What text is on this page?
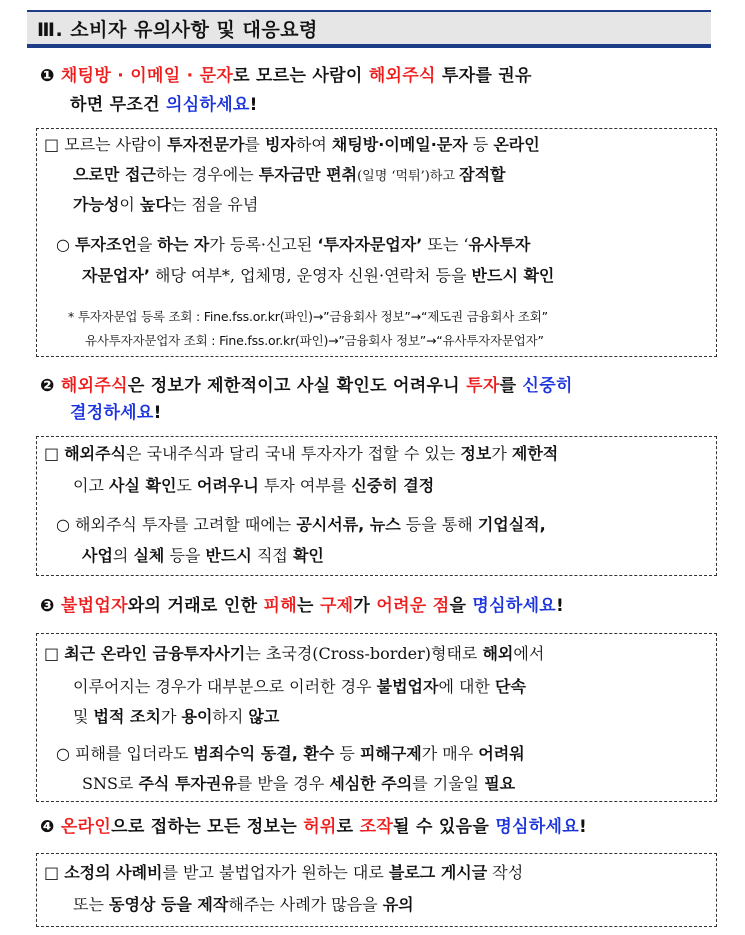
Ⅲ. 소비자 유의사항 및 대응요령
❶ 채팅방 · 이메일 · 문자로 모르는 사람이 해외주식 투자를 권유
하면 무조건 의심하세요!
□ 모르는 사람이 투자전문가를 빙자하여 채팅방·이메일·문자 등 온라인
으로만 접근하는 경우에는 투자금만 편취(일명 ‘먹튀’)하고 잠적할
가능성이 높다는 점을 유념
○ 투자조언을 하는 자가 등록·신고된 ‘투자자문업자’ 또는 ‘유사투자
자문업자’ 해당 여부*, 업체명, 운영자 신원·연락처 등을 반드시 확인
* 투자자문업 등록 조회 : Fine.fss.or.kr(파인)→”금융회사 정보”→“제도권 금융회사 조회”
유사투자자문업자 조회 : Fine.fss.or.kr(파인)→”금융회사 정보”→“유사투자자문업자”
❷ 해외주식은 정보가 제한적이고 사실 확인도 어려우니 투자를 신중히
결정하세요!
□ 해외주식은 국내주식과 달리 국내 투자자가 접할 수 있는 정보가 제한적
이고 사실 확인도 어려우니 투자 여부를 신중히 결정
○ 해외주식 투자를 고려할 때에는 공시서류, 뉴스 등을 통해 기업실적,
사업의 실체 등을 반드시 직접 확인
❸ 불법업자와의 거래로 인한 피해는 구제가 어려운 점을 명심하세요!
□ 최근 온라인 금융투자사기는 초국경(Cross-border)형태로 해외에서
이루어지는 경우가 대부분으로 이러한 경우 불법업자에 대한 단속
및 법적 조치가 용이하지 않고
○ 피해를 입더라도 범죄수익 동결, 환수 등 피해구제가 매우 어려워
SNS로 주식 투자권유를 받을 경우 세심한 주의를 기울일 필요
❹ 온라인으로 접하는 모든 정보는 허위로 조작될 수 있음을 명심하세요!
□ 소정의 사례비를 받고 불법업자가 원하는 대로 블로그 게시글 작성
또는 동영상 등을 제작해주는 사례가 많음을 유의
